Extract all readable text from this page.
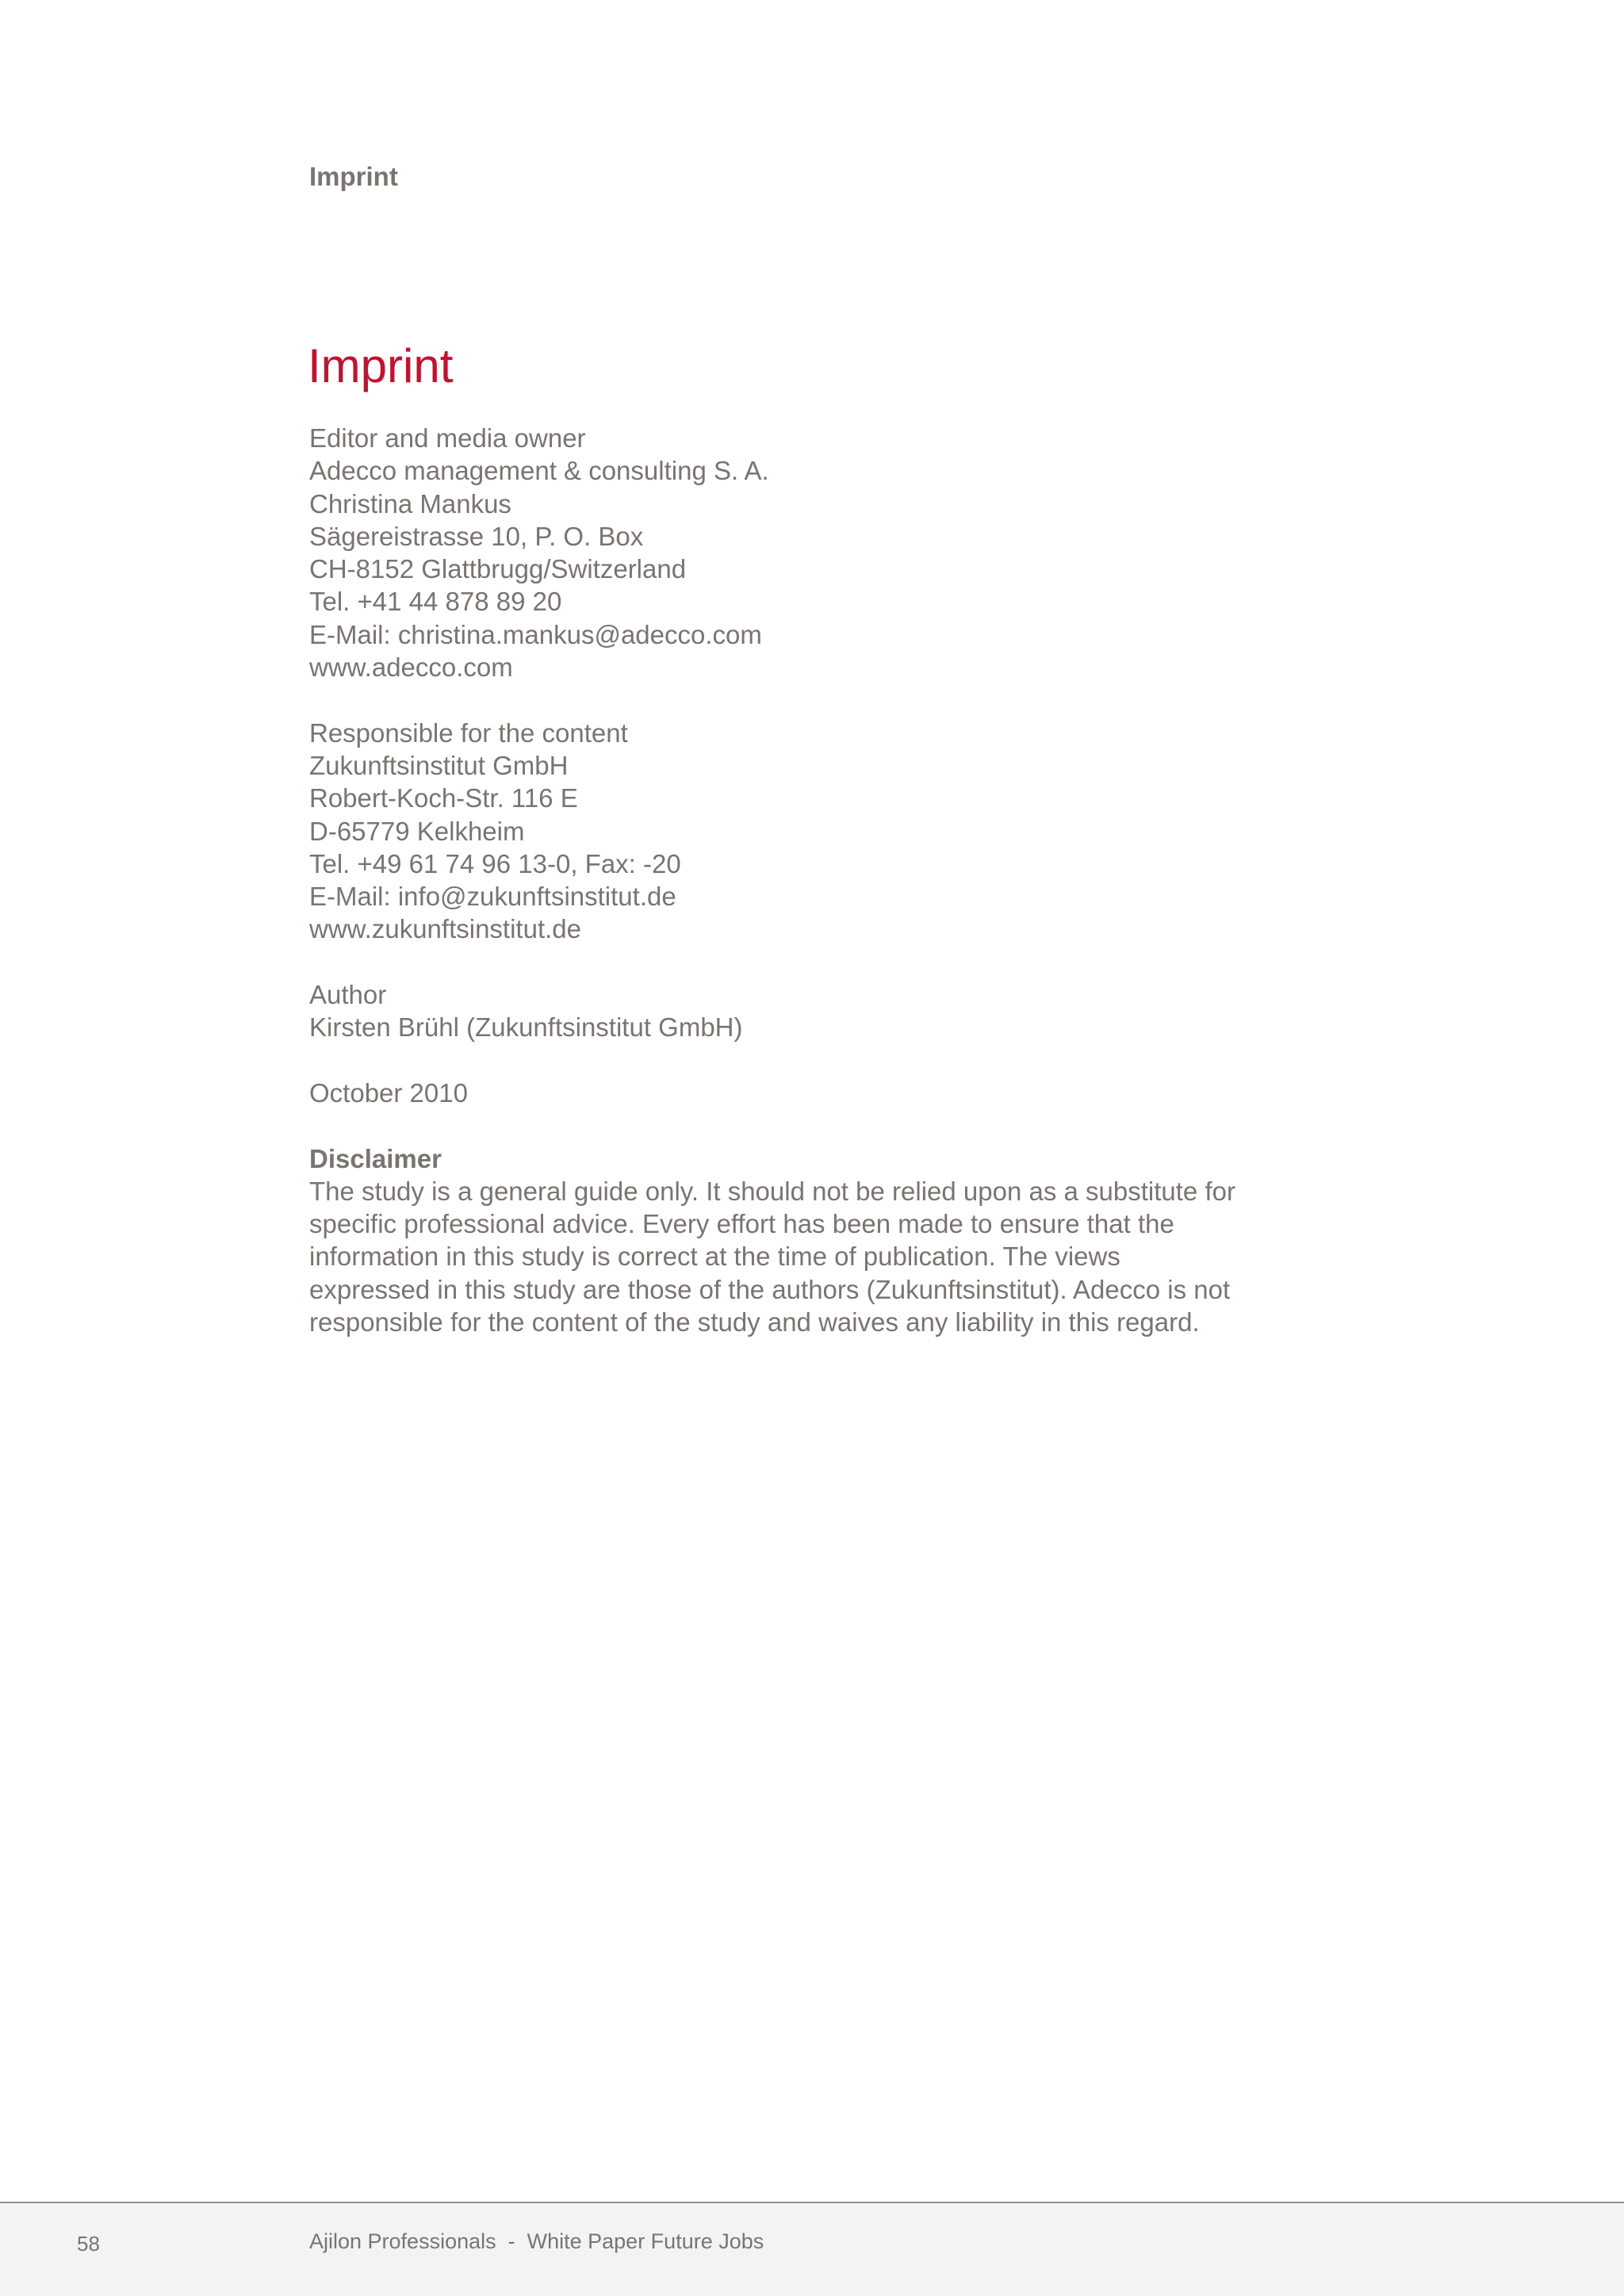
Imprint
Imprint
Editor and media owner
Adecco management & consulting S. A.
Christina Mankus
Sägereistrasse 10, P. O. Box
CH-8152 Glattbrugg/Switzerland
Tel. +41 44 878 89 20
E-Mail: christina.mankus@adecco.com
www.adecco.com
Responsible for the content
Zukunftsinstitut GmbH
Robert-Koch-Str. 116 E
D-65779 Kelkheim
Tel. +49 61 74 96 13-0, Fax: -20
E-Mail: info@zukunftsinstitut.de
www.zukunftsinstitut.de
Author
Kirsten Brühl (Zukunftsinstitut GmbH)
October 2010
Disclaimer
The study is a general guide only. It should not be relied upon as a substitute for specific professional advice. Every effort has been made to ensure that the information in this study is correct at the time of publication. The views expressed in this study are those of the authors (Zukunftsinstitut). Adecco is not responsible for the content of the study and waives any liability in this regard.
58	Ajilon Professionals  -  White Paper Future Jobs
